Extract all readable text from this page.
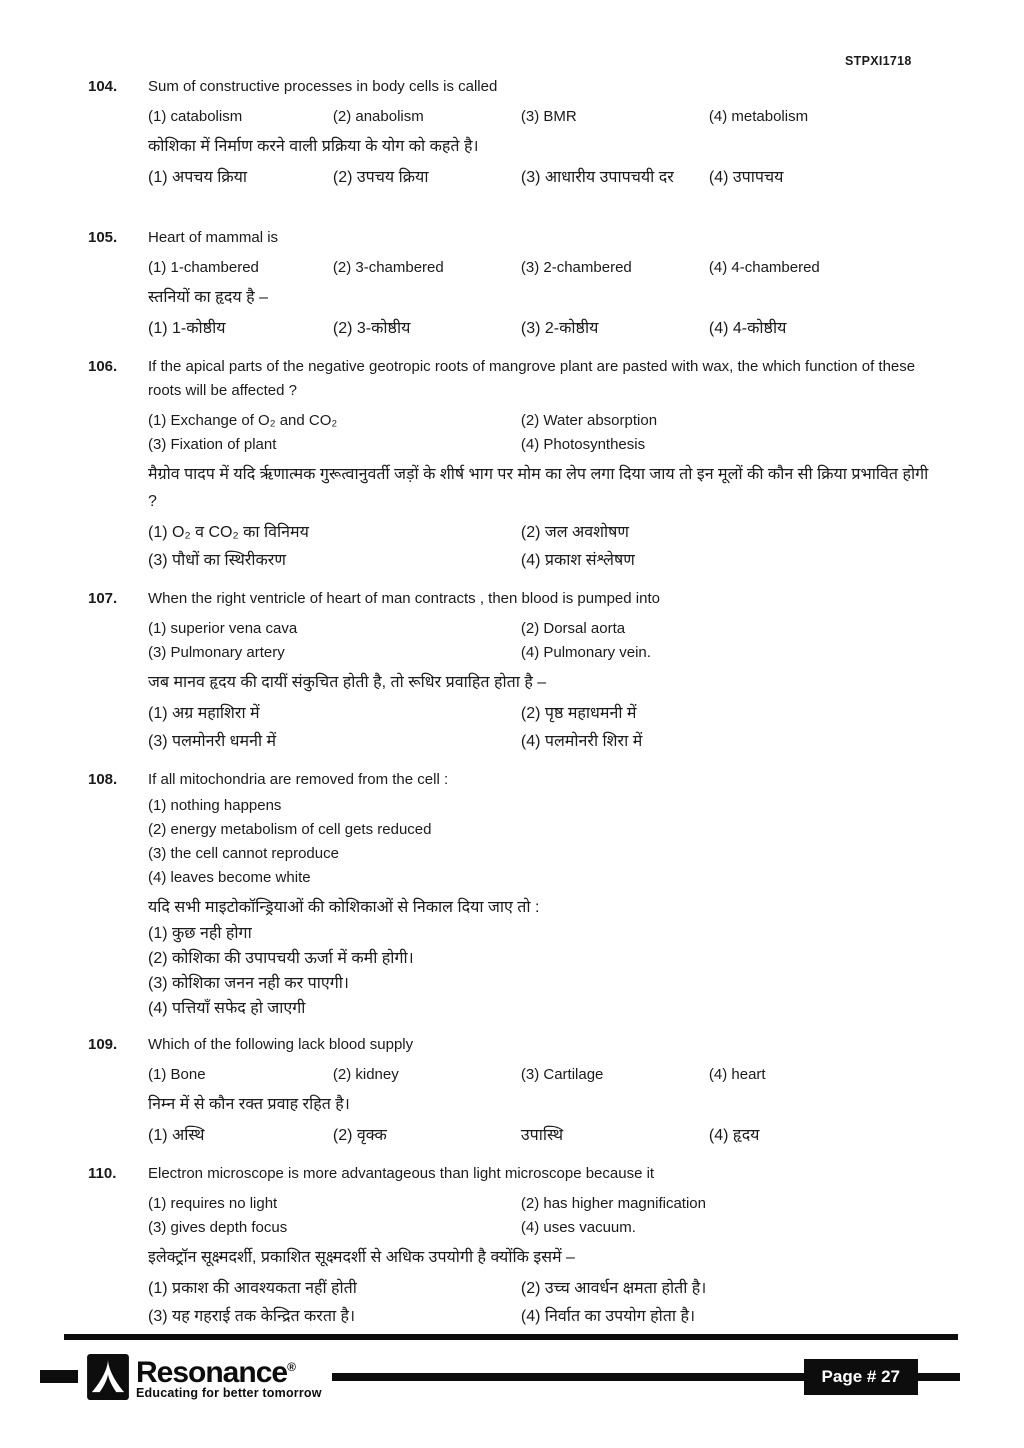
STPXI1718
104.	Sum of constructive processes in body cells is called
(1) catabolism	(2) anabolism	(3) BMR	(4) metabolism
कोशिका में निर्माण करने वाली प्रक्रिया के योग को कहते है।
(1) अपचय क्रिया	(2) उपचय क्रिया	(3) आधारीय उपापचयी दर	(4) उपापचय
105.	Heart of mammal is
(1) 1-chambered	(2) 3-chambered	(3) 2-chambered	(4) 4-chambered
स्तनियों का हृदय है –
(1) 1-कोष्ठीय	(2) 3-कोष्ठीय	(3) 2-कोष्ठीय	(4) 4-कोष्ठीय
106.	If the apical parts of the negative geotropic roots of mangrove plant are pasted with wax, the which function of these roots will be affected ?
(1) Exchange of O₂ and CO₂	(2) Water absorption
(3) Fixation of plant	(4) Photosynthesis
मैग्रोव पादप में यदि ऋृणात्मक गुरूत्वानुवर्ती जड़ों के शीर्ष भाग पर मोम का लेप लगा दिया जाय तो इन मूलों की कौन सी क्रिया प्रभावित होगी ?
(1) O₂ व CO₂ का विनिमय	(2) जल अवशोषण
(3) पौधों का स्थिरीकरण	(4) प्रकाश संश्लेषण
107.	When the right ventricle of heart of man contracts , then blood is pumped into
(1) superior vena cava	(2) Dorsal aorta
(3) Pulmonary artery	(4) Pulmonary vein.
जब मानव हृदय की दायीं संकुचित होती है, तो रूधिर प्रवाहित होता है –
(1) अग्र महाशिरा में	(2) पृष्ठ महाधमनी में
(3) पलमोनरी धमनी में	(4) पलमोनरी शिरा में
108.	If all mitochondria are removed from the cell :
(1) nothing happens
(2) energy metabolism of cell gets reduced
(3) the cell cannot reproduce
(4) leaves become white
यदि सभी माइटोकॉन्ड्रियाओं की कोशिकाओं से निकाल दिया जाए तो :
(1) कुछ नही होगा
(2) कोशिका की उपापचयी ऊर्जा में कमी होगी।
(3) कोशिका जनन नही कर पाएगी।
(4) पत्तियाँ सफेद हो जाएगी
109.	Which of the following lack blood supply
(1) Bone	(2) kidney	(3) Cartilage	(4) heart
निम्न में से कौन रक्त प्रवाह रहित है।
(1) अस्थि	(2) वृक्क	उपास्थि	(4) हृदय
110.	Electron microscope is more advantageous than light microscope because it
(1) requires no light	(2) has higher magnification
(3) gives depth focus	(4) uses vacuum.
इलेक्ट्रॉन सूक्ष्मदर्शी, प्रकाशित सूक्ष्मदर्शी से अधिक उपयोगी है क्योंकि इसमें –
(1) प्रकाश की आवश्यकता नहीं होती	(2) उच्च आवर्धन क्षमता होती है।
(3) यह गहराई तक केन्द्रित करता है।	(4) निर्वात का उपयोग होता है।
Resonance®
Educating for better tomorrow
Page # 27
